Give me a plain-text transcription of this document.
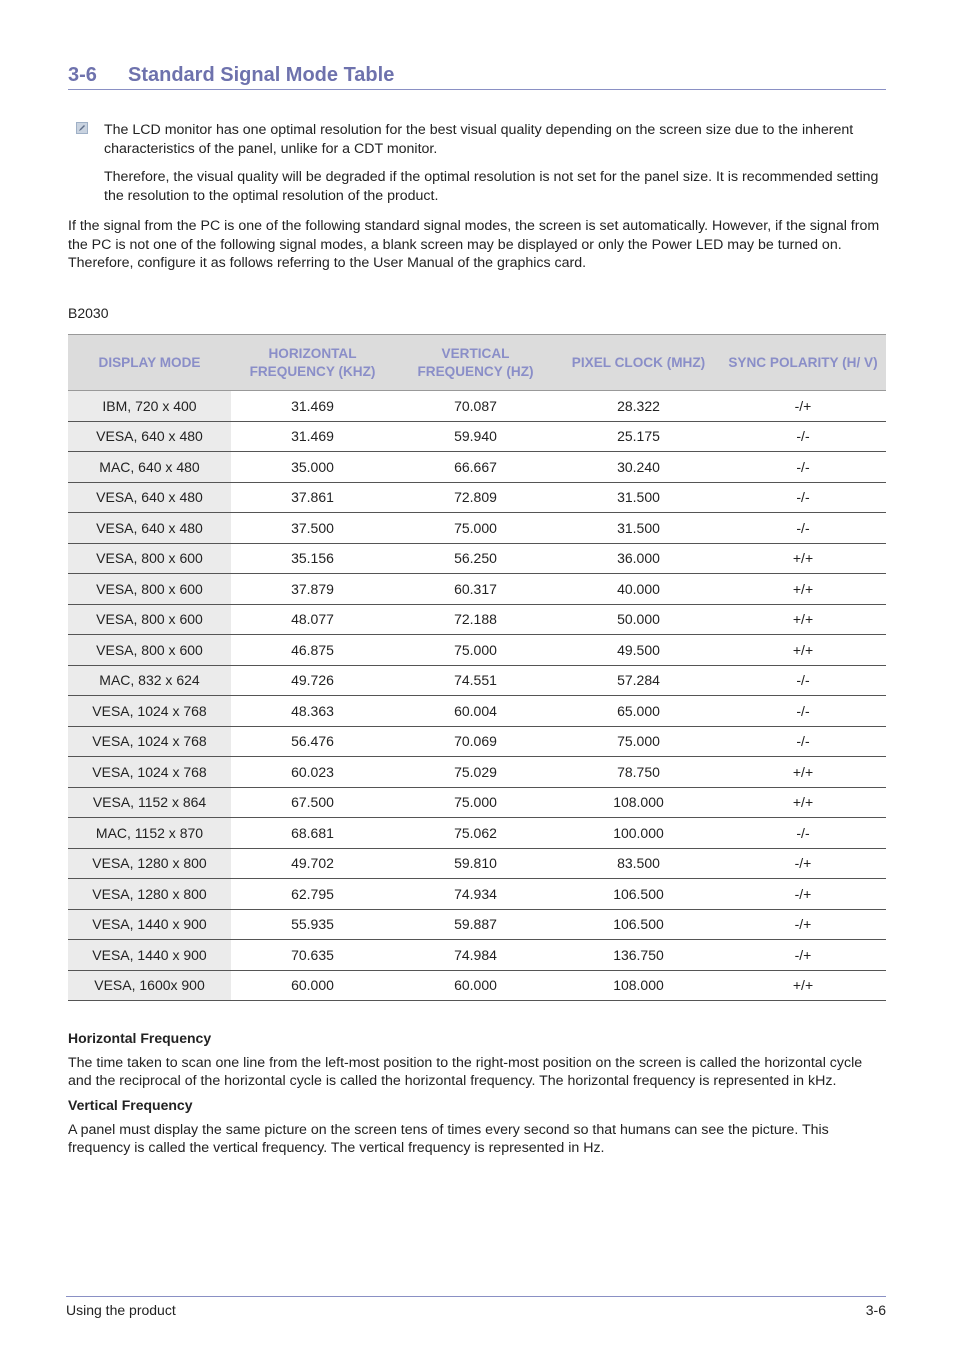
3-6 Standard Signal Mode Table

The LCD monitor has one optimal resolution for the best visual quality depending on the screen size due to the inherent characteristics of the panel, unlike for a CDT monitor.

Therefore, the visual quality will be degraded if the optimal resolution is not set for the panel size. It is recommended setting the resolution to the optimal resolution of the product.

If the signal from the PC is one of the following standard signal modes, the screen is set automatically. However, if the signal from the PC is not one of the following signal modes, a blank screen may be displayed or only the Power LED may be turned on. Therefore, configure it as follows referring to the User Manual of the graphics card.

B2030
DISPLAY MODE	HORIZONTAL FREQUENCY (KHZ)	VERTICAL FREQUENCY (HZ)	PIXEL CLOCK (MHZ)	SYNC POLARITY (H/ V)
IBM, 720 x 400	31.469	70.087	28.322	-/+
VESA, 640 x 480	31.469	59.940	25.175	-/-
MAC, 640 x 480	35.000	66.667	30.240	-/-
VESA, 640 x 480	37.861	72.809	31.500	-/-
VESA, 640 x 480	37.500	75.000	31.500	-/-
VESA, 800 x 600	35.156	56.250	36.000	+/+
VESA, 800 x 600	37.879	60.317	40.000	+/+
VESA, 800 x 600	48.077	72.188	50.000	+/+
VESA, 800 x 600	46.875	75.000	49.500	+/+
MAC, 832 x 624	49.726	74.551	57.284	-/-
VESA, 1024 x 768	48.363	60.004	65.000	-/-
VESA, 1024 x 768	56.476	70.069	75.000	-/-
VESA, 1024 x 768	60.023	75.029	78.750	+/+
VESA, 1152 x 864	67.500	75.000	108.000	+/+
MAC, 1152 x 870	68.681	75.062	100.000	-/-
VESA, 1280 x 800	49.702	59.810	83.500	-/+
VESA, 1280 x 800	62.795	74.934	106.500	-/+
VESA, 1440 x 900	55.935	59.887	106.500	-/+
VESA, 1440 x 900	70.635	74.984	136.750	-/+
VESA, 1600x 900	60.000	60.000	108.000	+/+
Horizontal Frequency

The time taken to scan one line from the left-most position to the right-most position on the screen is called the horizontal cycle and the reciprocal of the horizontal cycle is called the horizontal frequency. The horizontal frequency is represented in kHz.

Vertical Frequency

A panel must display the same picture on the screen tens of times every second so that humans can see the picture. This frequency is called the vertical frequency. The vertical frequency is represented in Hz.

Using the product	3-6
